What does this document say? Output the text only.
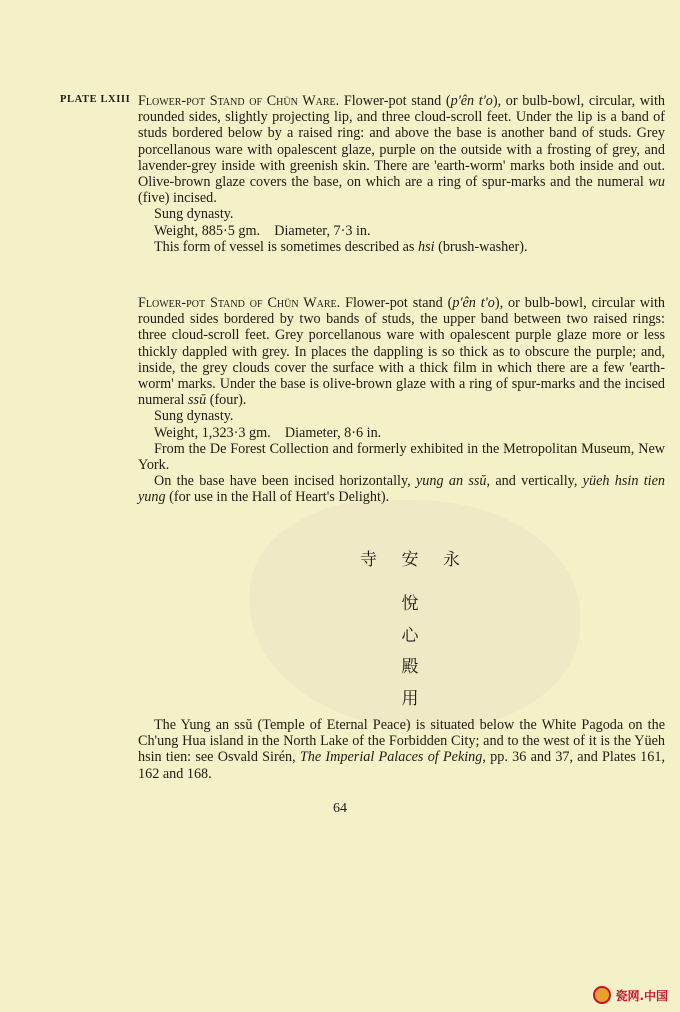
PLATE LXIII Flower-pot Stand of Chün Ware. Flower-pot stand (p'ên t'o), or bulb-bowl, circular, with rounded sides, slightly projecting lip, and three cloud-scroll feet. Under the lip is a band of studs bordered below by a raised ring: and above the base is another band of studs. Grey porcellanous ware with opalescent glaze, purple on the outside with a frosting of grey, and lavender-grey inside with greenish skin. There are 'earth-worm' marks both inside and out. Olive-brown glaze covers the base, on which are a ring of spur-marks and the numeral wu (five) incised.

Sung dynasty.

Weight, 885·5 gm.    Diameter, 7·3 in.

This form of vessel is sometimes described as hsi (brush-washer).

Flower-pot Stand of Chün Ware. Flower-pot stand (p'ên t'o), or bulb-bowl, circular with rounded sides bordered by two bands of studs, the upper band between two raised rings: three cloud-scroll feet. Grey porcellanous ware with opalescent purple glaze more or less thickly dappled with grey. In places the dappling is so thick as to obscure the purple; and, inside, the grey clouds cover the surface with a thick film in which there are a few 'earth-worm' marks. Under the base is olive-brown glaze with a ring of spur-marks and the incised numeral ssŭ (four).

Sung dynasty.

Weight, 1,323·3 gm.    Diameter, 8·6 in.

From the De Forest Collection and formerly exhibited in the Metropolitan Museum, New York.

On the base have been incised horizontally, yung an ssŭ, and vertically, yüeh hsin tien yung (for use in the Hall of Heart's Delight).

寺 安 永
悅
心
殿
用

The Yung an ssŭ (Temple of Eternal Peace) is situated below the White Pagoda on the Ch'ung Hua island in the North Lake of the Forbidden City; and to the west of it is the Yüeh hsin tien: see Osvald Sirén, The Imperial Palaces of Peking, pp. 36 and 37, and Plates 161, 162 and 168.

64
瓷网.中国
